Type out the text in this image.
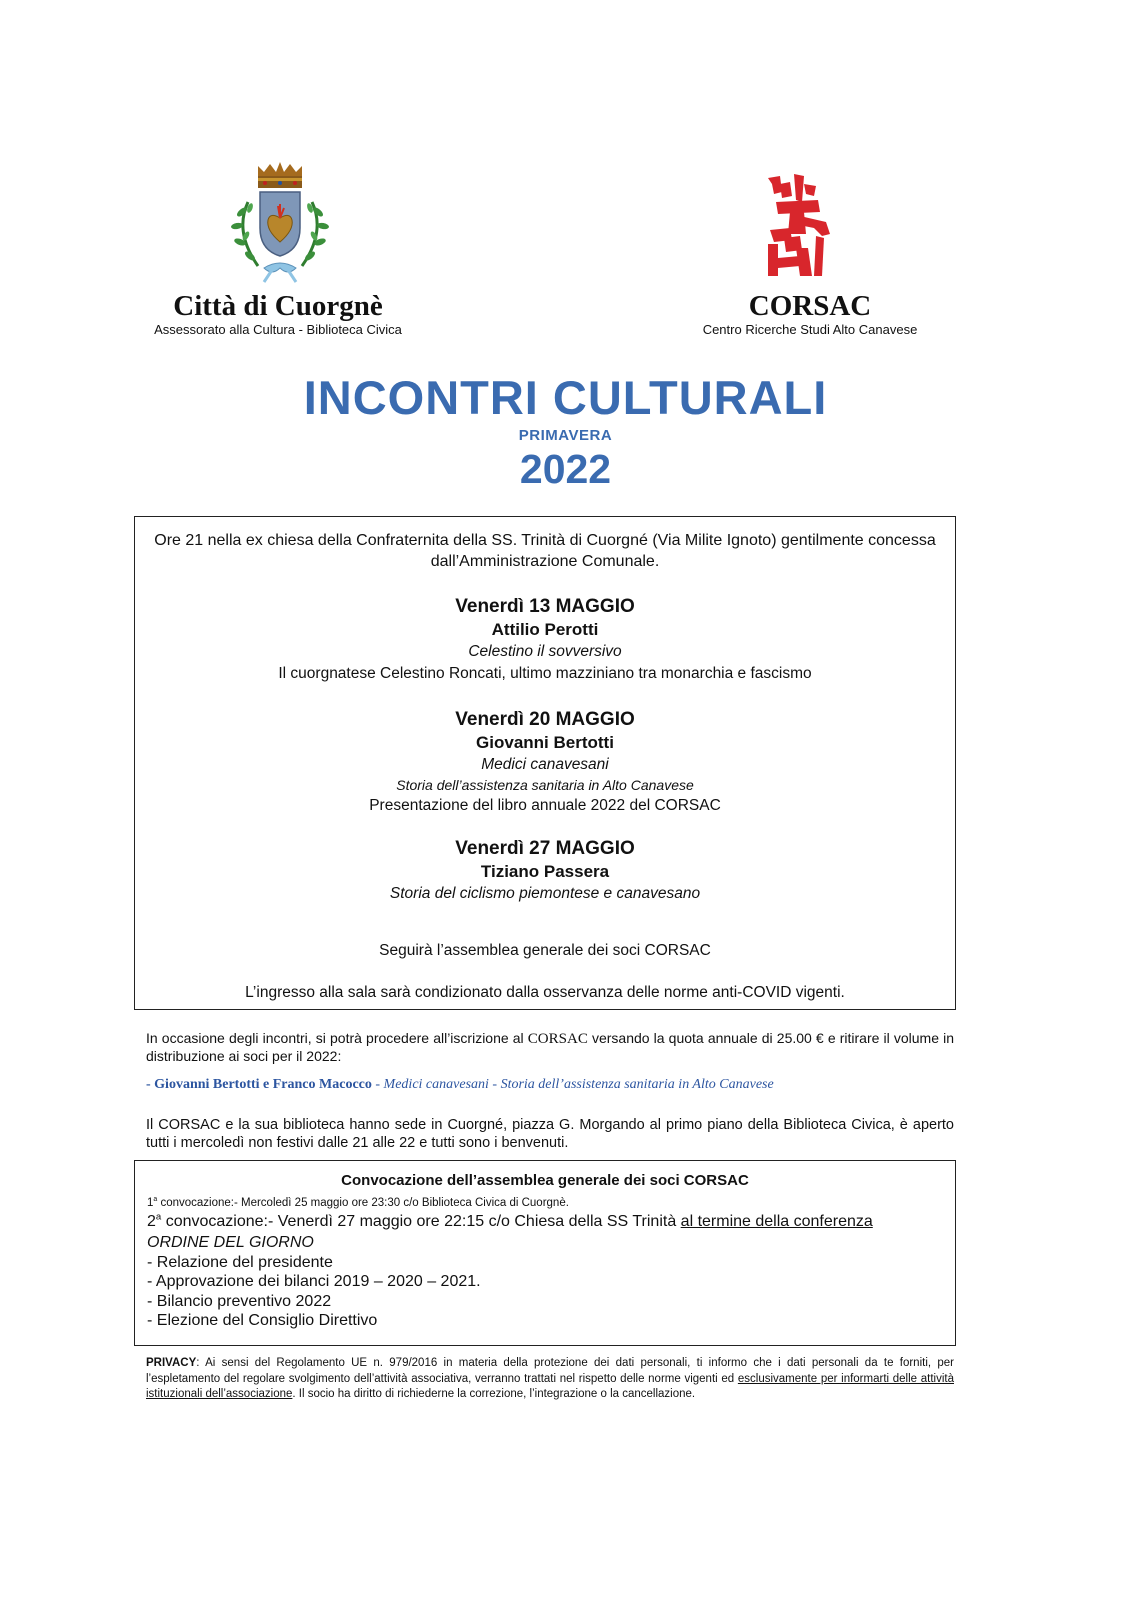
Città di Cuorgnè
Assessorato alla Cultura - Biblioteca Civica
CORSAC
Centro Ricerche Studi Alto Canavese
INCONTRI CULTURALI
PRIMAVERA
2022
Ore 21 nella ex chiesa della Confraternita della SS. Trinità di Cuorgné (Via Milite Ignoto) gentilmente concessa
dall’Amministrazione Comunale.
Venerdì 13 MAGGIO
Attilio Perotti
Celestino il sovversivo
Il cuorgnatese Celestino Roncati, ultimo mazziniano tra monarchia e fascismo
Venerdì 20 MAGGIO
Giovanni Bertotti
Medici canavesani
Storia dell’assistenza sanitaria in Alto Canavese
Presentazione del libro annuale 2022 del CORSAC
Venerdì 27 MAGGIO
Tiziano Passera
Storia del ciclismo piemontese e canavesano
Seguirà l’assemblea generale dei soci CORSAC
L’ingresso alla sala sarà condizionato dalla osservanza delle norme anti-COVID vigenti.
In occasione degli incontri, si potrà procedere all’iscrizione al CORSAC versando la quota annuale di 25.00 € e ritirare il volume in distribuzione ai soci per il 2022:
- Giovanni Bertotti e Franco Macocco - Medici canavesani - Storia dell’assistenza sanitaria in Alto Canavese
Il CORSAC e la sua biblioteca hanno sede in Cuorgné, piazza G. Morgando al primo piano della Biblioteca Civica, è aperto tutti i mercoledì non festivi dalle 21 alle 22 e tutti sono i benvenuti.
Convocazione dell’assemblea generale dei soci CORSAC
1$^a$ convocazione:- Mercoledì 25 maggio ore 23:30 c/o Biblioteca Civica di Cuorgnè.
2$^a$ convocazione:- Venerdì 27 maggio ore 22:15 c/o Chiesa della SS Trinità al termine della conferenza
ORDINE DEL GIORNO
- Relazione del presidente
- Approvazione dei bilanci 2019 – 2020 – 2021.
- Bilancio preventivo 2022
- Elezione del Consiglio Direttivo
PRIVACY: Ai sensi del Regolamento UE n. 979/2016 in materia della protezione dei dati personali, ti informo che i dati personali da te forniti, per l’espletamento del regolare svolgimento dell’attività associativa, verranno trattati nel rispetto delle norme vigenti ed esclusivamente per informarti delle attività istituzionali dell’associazione. Il socio ha diritto di richiederne la correzione, l’integrazione o la cancellazione.
